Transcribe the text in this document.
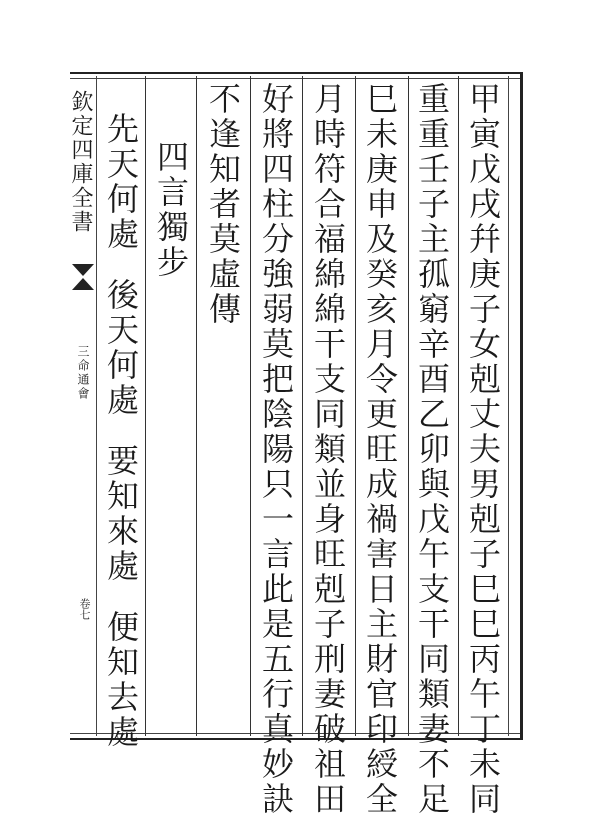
欽定四庫全書
三命通會
卷七	甲寅戊戌幷庚子女剋丈夫男剋子巳巳丙午丁未同
重重壬子主孤窮辛酉乙卯與戊午支干同類妻不足
巳未庚申及癸亥月令更旺成禍害日主財官印綬全
月時符合福綿綿干支同類並身旺剋子刑妻破祖田
好將四柱分強弱莫把陰陽只一言此是五行真妙訣
不逢知者莫虛傳
四言獨步
先天何處後天何處要知來處便知去處
